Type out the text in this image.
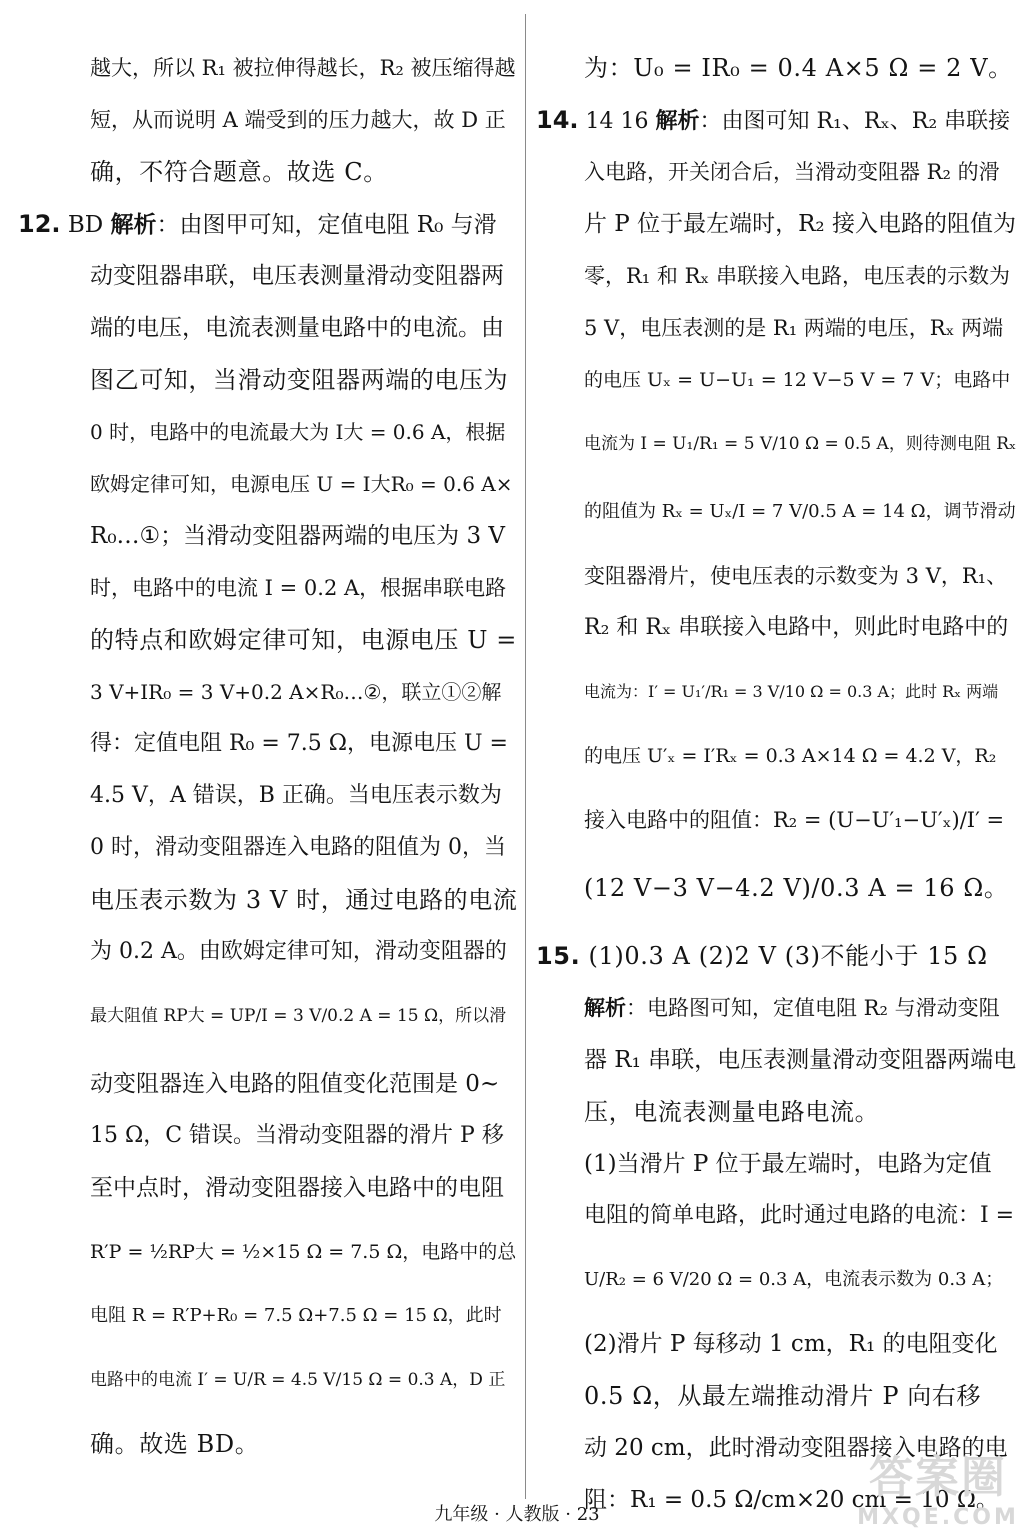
越大，所以 R₁ 被拉伸得越长，R₂ 被压缩得越
短，从而说明 A 端受到的压力越大，故 D 正
确，不符合题意。故选 C。
12. BD 解析：由图甲可知，定值电阻 R₀ 与滑
动变阻器串联，电压表测量滑动变阻器两
端的电压，电流表测量电路中的电流。由
图乙可知，当滑动变阻器两端的电压为
0 时，电路中的电流最大为 I大 = 0.6 A，根据
欧姆定律可知，电源电压 U = I大R₀ = 0.6 A×
R₀…①；当滑动变阻器两端的电压为 3 V
时，电路中的电流 I = 0.2 A，根据串联电路
的特点和欧姆定律可知，电源电压 U =
3 V+IR₀ = 3 V+0.2 A×R₀…②，联立①②解
得：定值电阻 R₀ = 7.5 Ω，电源电压 U =
4.5 V，A 错误，B 正确。当电压表示数为
0 时，滑动变阻器连入电路的阻值为 0，当
电压表示数为 3 V 时，通过电路的电流
为 0.2 A。由欧姆定律可知，滑动变阻器的
最大阻值 RP大 = UP/I = 3 V/0.2 A = 15 Ω，所以滑
动变阻器连入电路的阻值变化范围是 0~
15 Ω，C 错误。当滑动变阻器的滑片 P 移
至中点时，滑动变阻器接入电路中的电阻
R′P = ½RP大 = ½×15 Ω = 7.5 Ω，电路中的总
电阻 R = R′P+R₀ = 7.5 Ω+7.5 Ω = 15 Ω，此时
电路中的电流 I′ = U/R = 4.5 V/15 Ω = 0.3 A，D 正
确。故选 BD。
为：U₀ = IR₀ = 0.4 A×5 Ω = 2 V。
14. 14 16 解析：由图可知 R₁、Rₓ、R₂ 串联接
入电路，开关闭合后，当滑动变阻器 R₂ 的滑
片 P 位于最左端时，R₂ 接入电路的阻值为
零，R₁ 和 Rₓ 串联接入电路，电压表的示数为
5 V，电压表测的是 R₁ 两端的电压，Rₓ 两端
的电压 Uₓ = U−U₁ = 12 V−5 V = 7 V；电路中
电流为 I = U₁/R₁ = 5 V/10 Ω = 0.5 A，则待测电阻 Rₓ
的阻值为 Rₓ = Uₓ/I = 7 V/0.5 A = 14 Ω，调节滑动
变阻器滑片，使电压表的示数变为 3 V，R₁、
R₂ 和 Rₓ 串联接入电路中，则此时电路中的
电流为：I′ = U₁′/R₁ = 3 V/10 Ω = 0.3 A；此时 Rₓ 两端
的电压 U′ₓ = I′Rₓ = 0.3 A×14 Ω = 4.2 V，R₂
接入电路中的阻值：R₂ = (U−U′₁−U′ₓ)/I′ =
(12 V−3 V−4.2 V)/0.3 A = 16 Ω。
15. (1)0.3 A (2)2 V (3)不能小于 15 Ω
解析：电路图可知，定值电阻 R₂ 与滑动变阻
器 R₁ 串联，电压表测量滑动变阻器两端电
压，电流表测量电路电流。
(1)当滑片 P 位于最左端时，电路为定值
电阻的简单电路，此时通过电路的电流：I =
U/R₂ = 6 V/20 Ω = 0.3 A，电流表示数为 0.3 A；
(2)滑片 P 每移动 1 cm，R₁ 的电阻变化
0.5 Ω，从最左端推动滑片 P 向右移
动 20 cm，此时滑动变阻器接入电路的电
阻：R₁ = 0.5 Ω/cm×20 cm = 10 Ω。
九年级 · 人教版 · 23
答案圈
MXQE.COM
